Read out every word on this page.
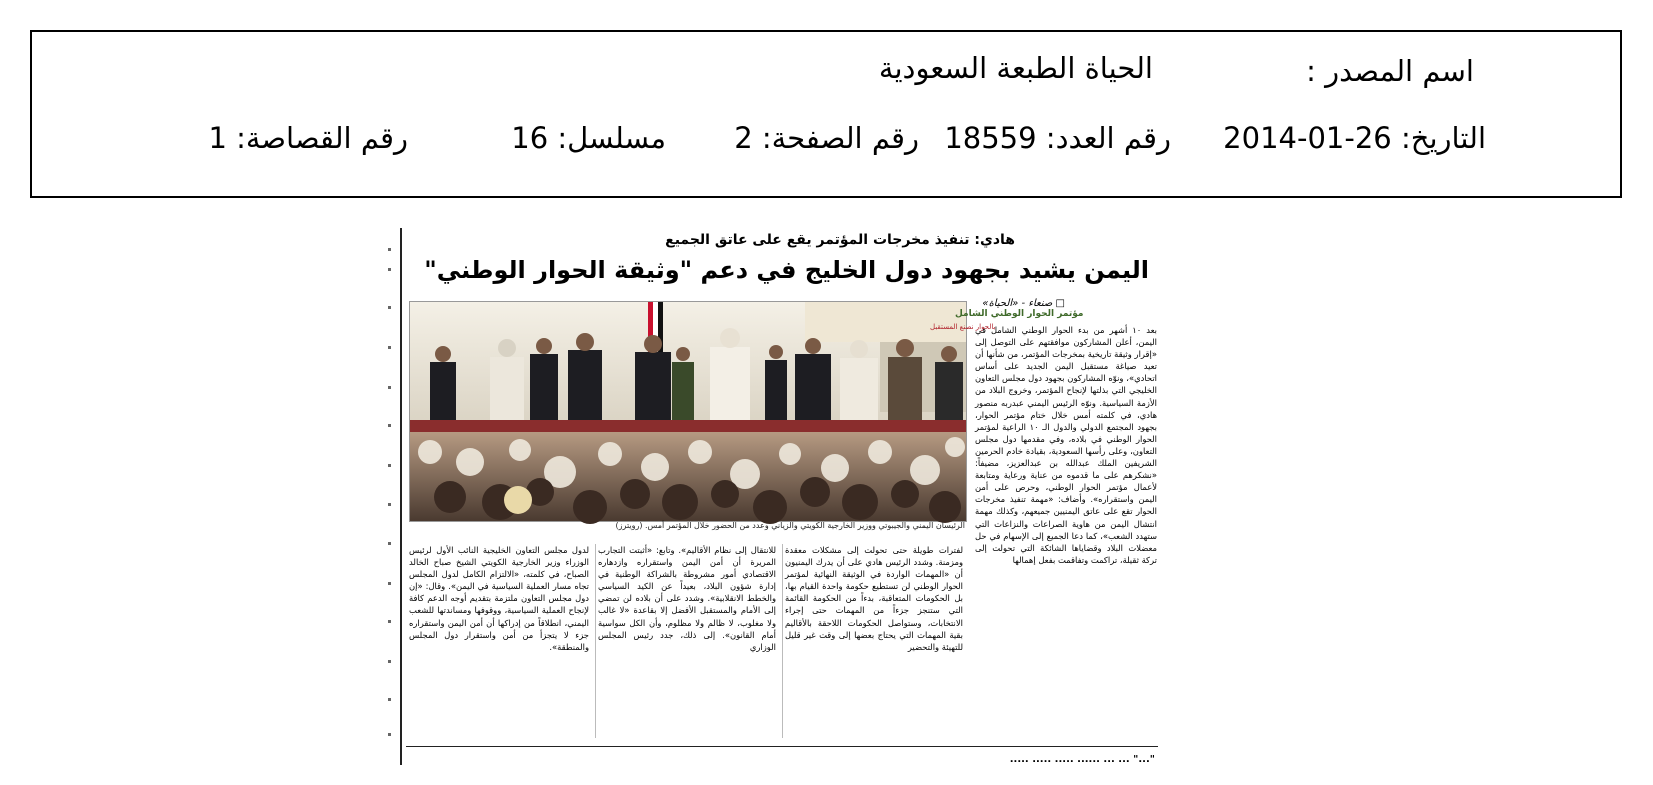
اسم المصدر :
الحياة الطبعة السعودية
التاريخ: 26-01-2014
رقم العدد: 18559
رقم الصفحة: 2
مسلسل: 16
رقم القصاصة: 1
هادي: تنفيذ مخرجات المؤتمر يقع على عاتق الجميع
اليمن يشيد بجهود دول الخليج في دعم "وثيقة الحوار الوطني"
□ صنعاء - «الحياة»
مؤتمر الحوار الوطني الشامل
بالحوار نصنع المستقبل
الرئيسان اليمني والجيبوتي ووزير الخارجية الكويتي والزياني وعدد من الحضور خلال المؤتمر أمس. (رويترز)
بعد ١٠ أشهر من بدء الحوار الوطني الشامل في اليمن، أعلن المشاركون موافقتهم على التوصل إلى «إقرار وثيقة تاريخية بمخرجات المؤتمر، من شأنها أن تعيد صياغة مستقبل اليمن الجديد على أساس اتحادي»، ونوّه المشاركون بجهود دول مجلس التعاون الخليجي التي بذلتها لإنجاح المؤتمر، وخروج البلاد من الأزمة السياسية. ونوّه الرئيس اليمني عبدربه منصور هادي، في كلمته أمس خلال ختام مؤتمر الحوار، بجهود المجتمع الدولي والدول الـ ١٠ الراعية لمؤتمر الحوار الوطني في بلاده، وفي مقدمها دول مجلس التعاون، وعلى رأسها السعودية، بقيادة خادم الحرمين الشريفين الملك عبدالله بن عبدالعزيز، مضيفاً: «نشكرهم على ما قدموه من عناية ورعاية ومتابعة لأعمال مؤتمر الحوار الوطني، وحرص على أمن اليمن واستقراره». وأضاف: «مهمة تنفيذ مخرجات الحوار تقع على عاتق اليمنيين جميعهم، وكذلك مهمة انتشال اليمن من هاوية الصراعات والنزاعات التي ستهدد الشعب»، كما دعا الجميع إلى الإسهام في حل معضلات البلاد وقضاياها الشائكة التي تحولت إلى تركة ثقيلة، تراكمت وتفاقمت بفعل إهمالها
لفترات طويلة حتى تحولت إلى مشكلات معقدة ومزمنة. وشدد الرئيس هادي على أن يدرك اليمنيون أن «المهمات الواردة في الوثيقة النهائية لمؤتمر الحوار الوطني لن تستطيع حكومة واحدة القيام بها، بل الحكومات المتعاقبة، بدءاً من الحكومة القائمة التي ستنجز جزءاً من المهمات حتى إجراء الانتخابات، وستواصل الحكومات اللاحقة بالأقاليم بقية المهمات التي يحتاج بعضها إلى وقت غير قليل للتهيئة والتحضير
للانتقال إلى نظام الأقاليم». وتابع: «أثبتت التجارب المريرة أن أمن اليمن واستقراره وازدهاره الاقتصادي أمور مشروطة بالشراكة الوطنية في إدارة شؤون البلاد، بعيداً عن الكيد السياسي والخطط الانقلابية». وشدد على أن بلاده لن تمضي إلى الأمام والمستقبل الأفضل إلا بقاعدة «لا غالب ولا مغلوب، لا ظالم ولا مظلوم، وأن الكل سواسية أمام القانون». إلى ذلك، جدد رئيس المجلس الوزاري
لدول مجلس التعاون الخليجية النائب الأول لرئيس الوزراء وزير الخارجية الكويتي الشيخ صباح الخالد الصباح، في كلمته، «الالتزام الكامل لدول المجلس تجاه مسار العملية السياسية في اليمن». وقال: «إن دول مجلس التعاون ملتزمة بتقديم أوجه الدعم كافة لإنجاح العملية السياسية، ووقوفها ومساندتها للشعب اليمني، انطلاقاً من إدراكها أن أمن اليمن واستقراره جزء لا يتجزأ من أمن واستقرار دول المجلس والمنطقة».
"..." ... ... ...... ..... ..... .....
